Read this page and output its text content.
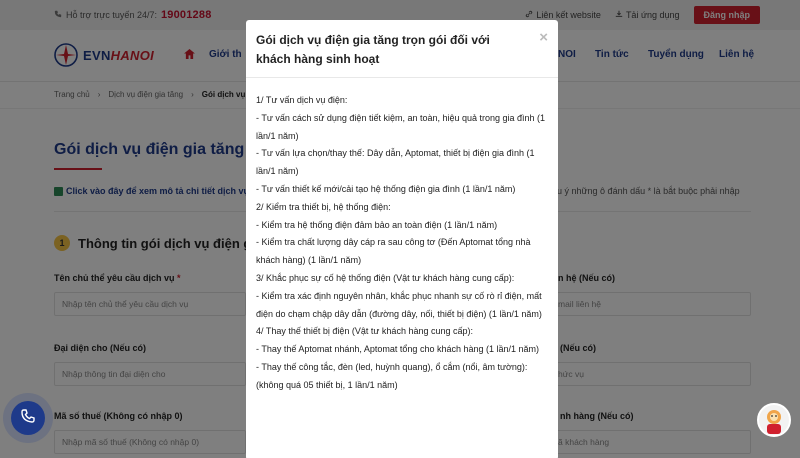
Gói dịch vụ điện gia tăng trọn gói đối với khách hàng sinh hoạt
×

1/ Tư vấn dịch vụ điện:

- Tư vấn cách sử dụng điện tiết kiệm, an toàn, hiệu quả trong gia đình (1 lần/1 năm)

- Tư vấn lựa chọn/thay thế: Dây dẫn, Aptomat, thiết bị điện gia đình (1 lần/1 năm)

- Tư vấn thiết kế mới/cải tạo hệ thống điện gia đình (1 lần/1 năm)

2/ Kiểm tra thiết bị, hệ thống điện:

- Kiểm tra hệ thống điện đảm bảo an toàn điện (1 lần/1 năm)

- Kiểm tra chất lượng dây cáp ra sau công tơ (Đến Aptomat tổng nhà khách hàng) (1 lần/1 năm)

3/ Khắc phục sự cố hệ thống điện (Vật tư khách hàng cung cấp):

- Kiểm tra xác định nguyên nhân, khắc phục nhanh sự cố rò rỉ điện, mất điện do chạm chập dây dẫn (đường dây, nối, thiết bị điện) (1 lần/1 năm)

4/ Thay thế thiết bị điện (Vật tư khách hàng cung cấp):

- Thay thế Aptomat nhánh, Aptomat tổng cho khách hàng (1 lần/1 năm)

- Thay thế công tắc, đèn (led, huỳnh quang), ổ cắm (nổi, âm tường): (không quá 05 thiết bị, 1 lần/1 năm)
